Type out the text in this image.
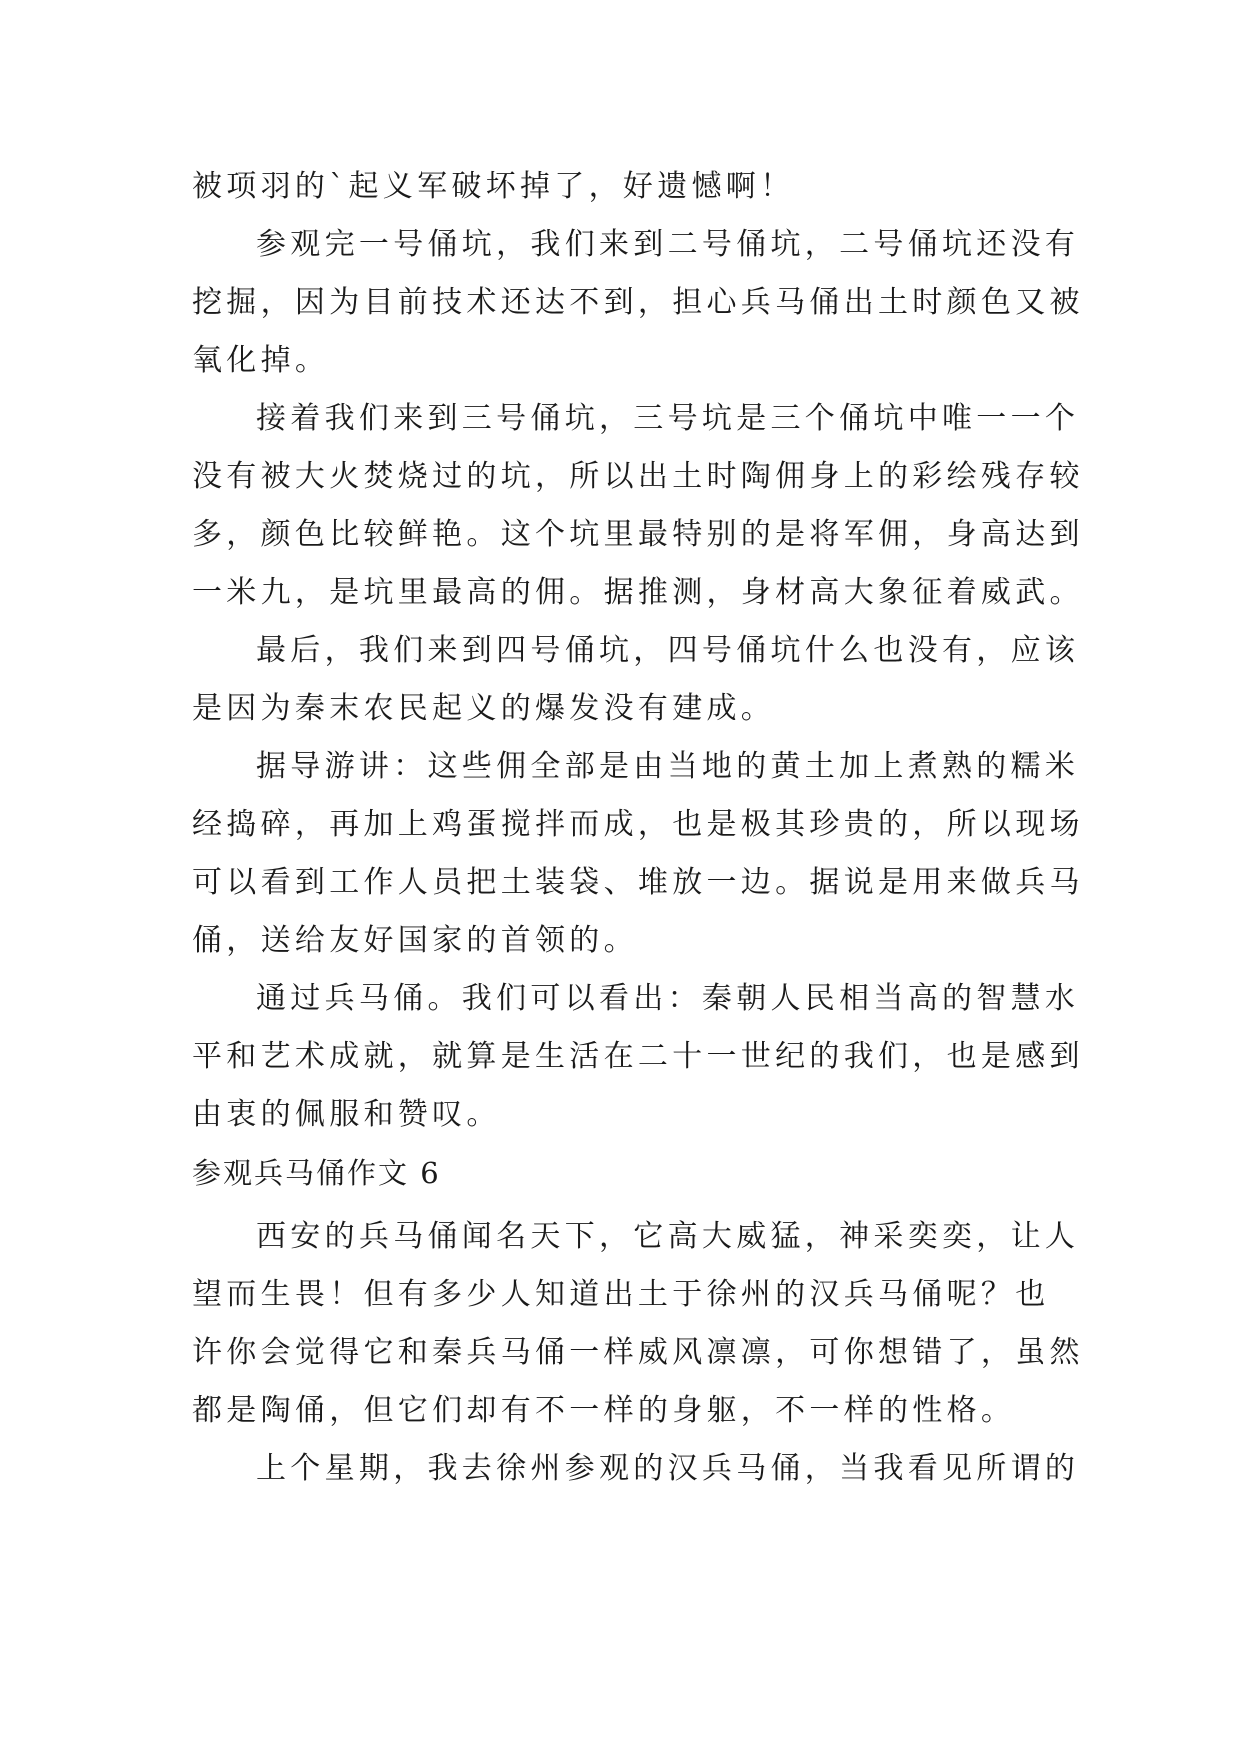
被项羽的`起义军破坏掉了，好遗憾啊！

参观完一号俑坑，我们来到二号俑坑，二号俑坑还没有

挖掘，因为目前技术还达不到，担心兵马俑出土时颜色又被

氧化掉。

接着我们来到三号俑坑，三号坑是三个俑坑中唯一一个

没有被大火焚烧过的坑，所以出土时陶佣身上的彩绘残存较

多，颜色比较鲜艳。这个坑里最特别的是将军佣，身高达到

一米九，是坑里最高的佣。据推测，身材高大象征着威武。

最后，我们来到四号俑坑，四号俑坑什么也没有，应该

是因为秦末农民起义的爆发没有建成。

据导游讲：这些佣全部是由当地的黄土加上煮熟的糯米

经捣碎，再加上鸡蛋搅拌而成，也是极其珍贵的，所以现场

可以看到工作人员把土装袋、堆放一边。据说是用来做兵马

俑，送给友好国家的首领的。

通过兵马俑。我们可以看出：秦朝人民相当高的智慧水

平和艺术成就，就算是生活在二十一世纪的我们，也是感到

由衷的佩服和赞叹。

参观兵马俑作文 6

西安的兵马俑闻名天下，它高大威猛，神采奕奕，让人

望而生畏！但有多少人知道出土于徐州的汉兵马俑呢？也

许你会觉得它和秦兵马俑一样威风凛凛，可你想错了，虽然

都是陶俑，但它们却有不一样的身躯，不一样的性格。

上个星期，我去徐州参观的汉兵马俑，当我看见所谓的
